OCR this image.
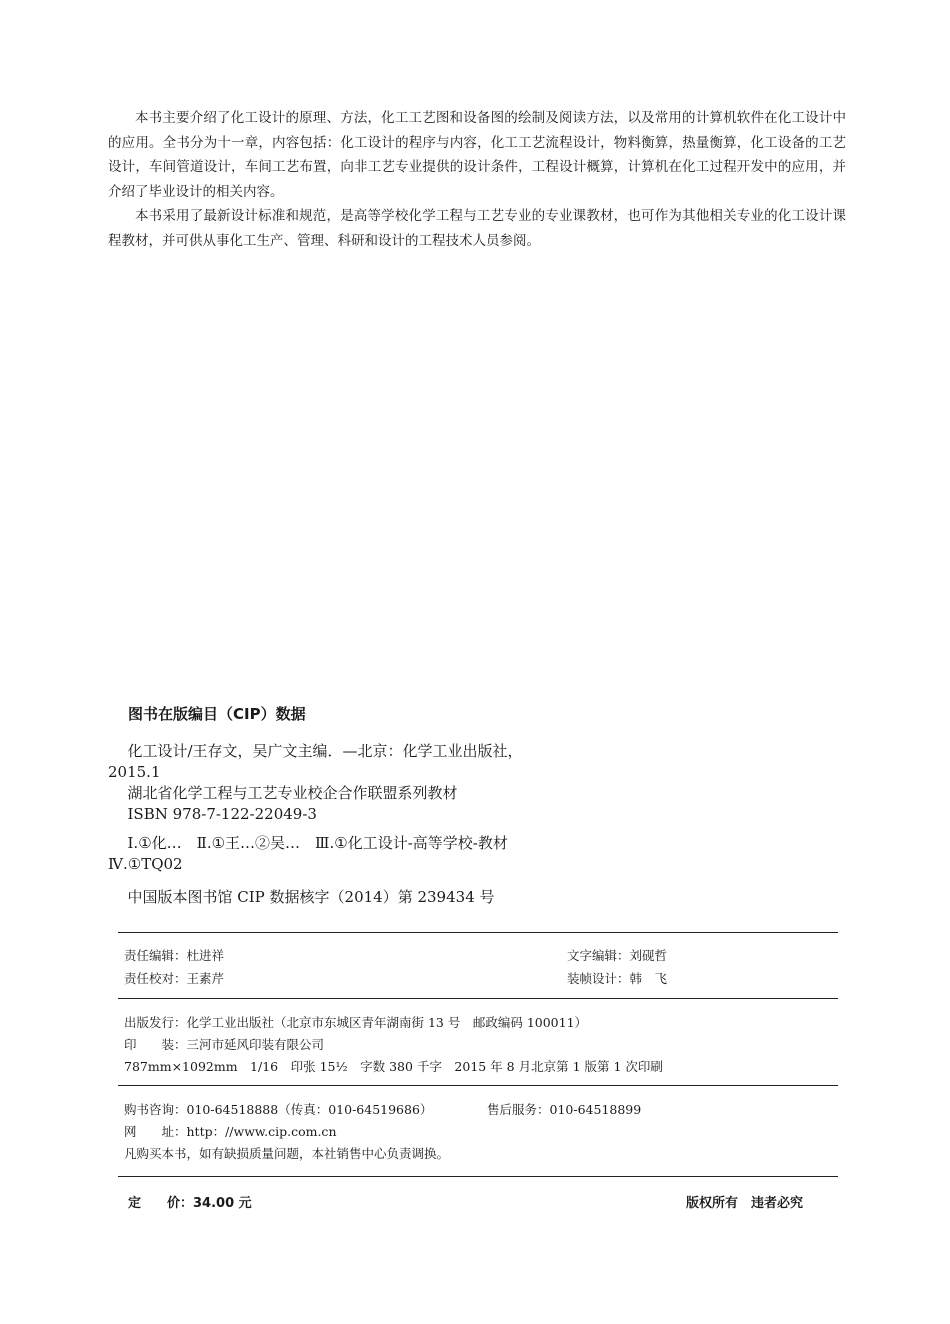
本书主要介绍了化工设计的原理、方法，化工工艺图和设备图的绘制及阅读方法，以及常用的计算机软件在化工设计中的应用。全书分为十一章，内容包括：化工设计的程序与内容，化工工艺流程设计，物料衡算，热量衡算，化工设备的工艺设计，车间管道设计，车间工艺布置，向非工艺专业提供的设计条件，工程设计概算，计算机在化工过程开发中的应用，并介绍了毕业设计的相关内容。

本书采用了最新设计标准和规范，是高等学校化学工程与工艺专业的专业课教材，也可作为其他相关专业的化工设计课程教材，并可供从事化工生产、管理、科研和设计的工程技术人员参阅。

图书在版编目（CIP）数据

化工设计/王存文，吴广文主编．—北京：化学工业出版社，2015.1

湖北省化学工程与工艺专业校企合作联盟系列教材

ISBN 978-7-122-22049-3

Ⅰ.①化…　Ⅱ.①王…②吴…　Ⅲ.①化工设计-高等学校-教材　Ⅳ.①TQ02

中国版本图书馆 CIP 数据核字（2014）第 239434 号

责任编辑：杜进祥	文字编辑：刘砚哲
责任校对：王素芹	装帧设计：韩　飞
出版发行：化学工业出版社（北京市东城区青年湖南街 13 号　邮政编码 100011）
印　　装：三河市延风印装有限公司
787mm×1092mm　1/16　印张 15½　字数 380 千字　2015 年 8 月北京第 1 版第 1 次印刷
购书咨询：010-64518888（传真：010-64519686）	售后服务：010-64518899
网　　址：http：//www.cip.com.cn
凡购买本书，如有缺损质量问题，本社销售中心负责调换。
定　　价：34.00 元	版权所有　违者必究
